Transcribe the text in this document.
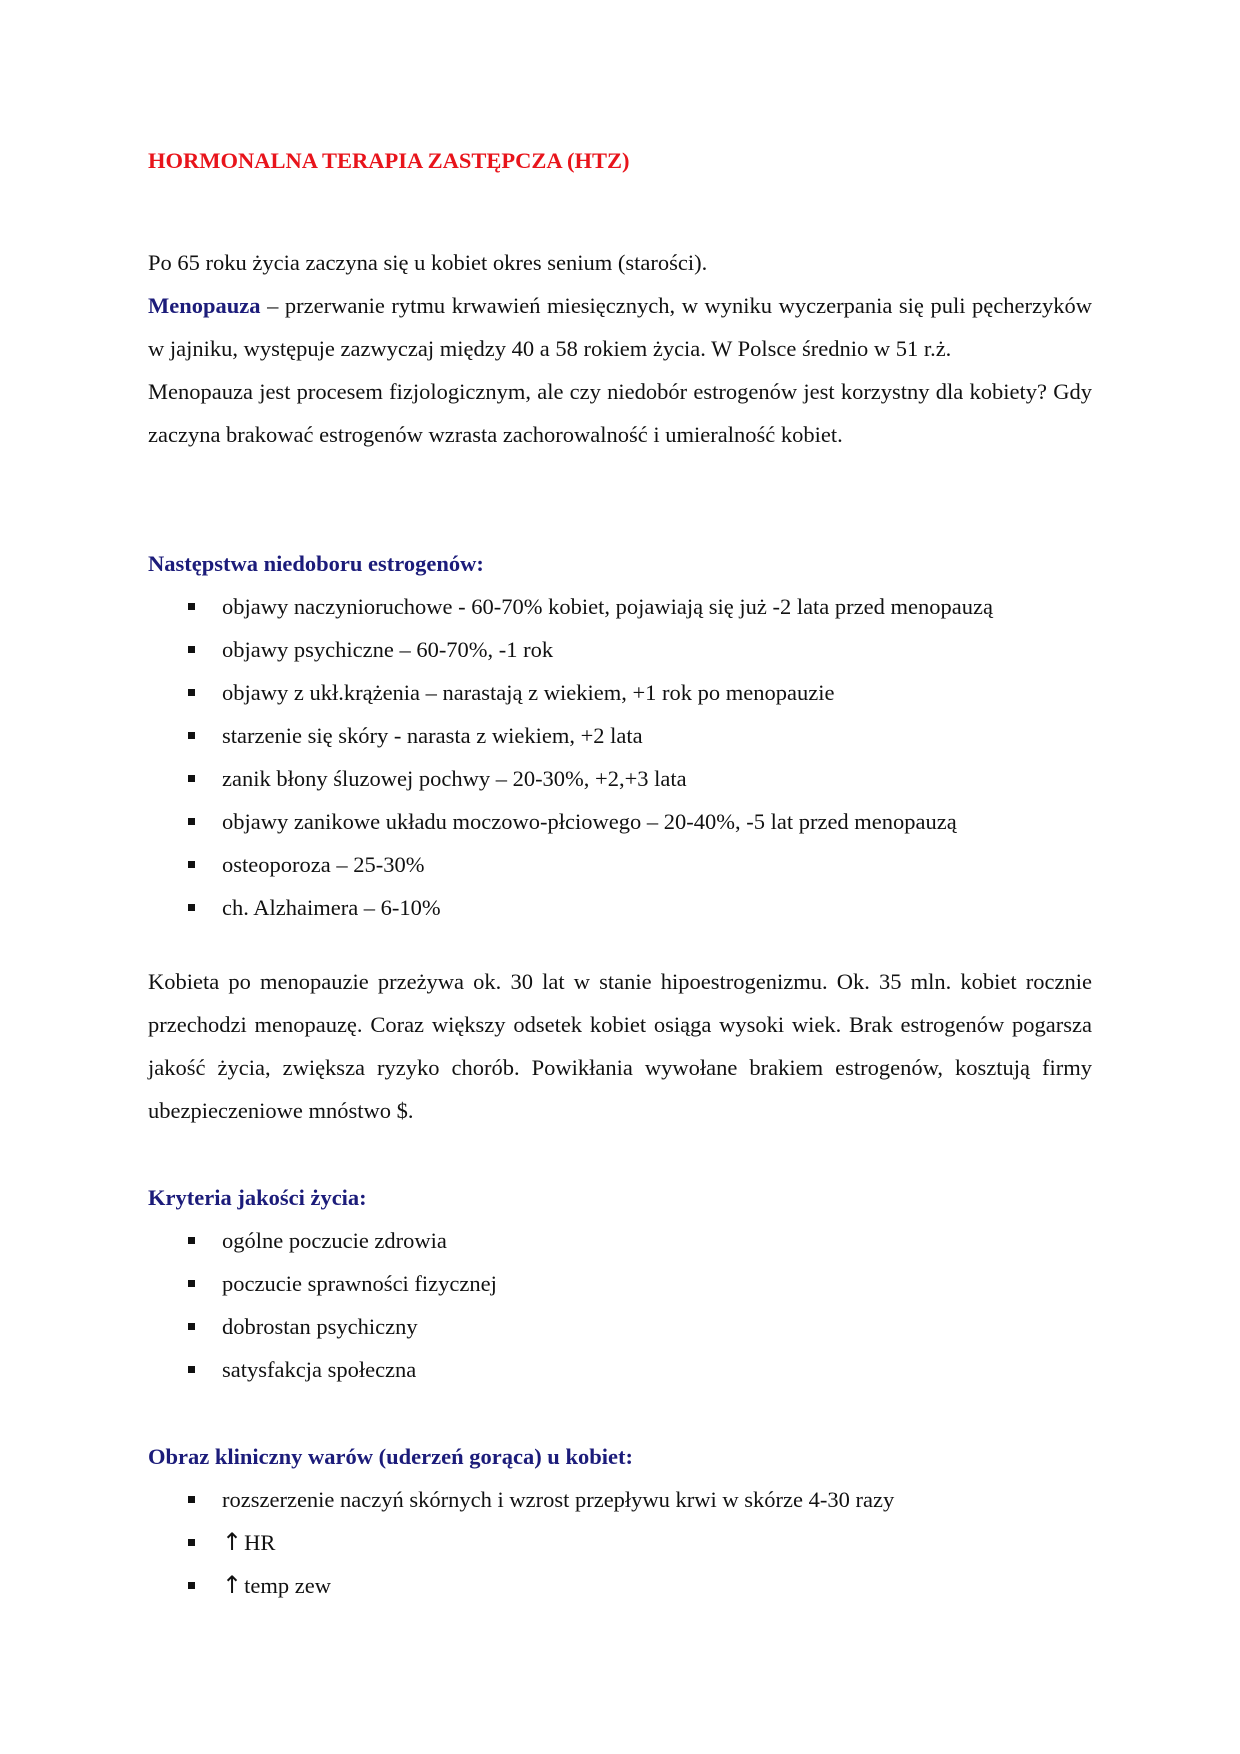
HORMONALNA TERAPIA ZASTĘPCZA (HTZ)

Po 65 roku życia zaczyna się u kobiet okres senium (starości).

Menopauza – przerwanie rytmu krwawień miesięcznych, w wyniku wyczerpania się puli pęcherzyków w jajniku, występuje zazwyczaj między 40 a 58 rokiem życia. W Polsce średnio w 51 r.ż.

Menopauza jest procesem fizjologicznym, ale czy niedobór estrogenów jest korzystny dla kobiety? Gdy zaczyna brakować estrogenów wzrasta zachorowalność i umieralność kobiet.

Następstwa niedoboru estrogenów:
objawy naczynioruchowe - 60-70% kobiet, pojawiają się już -2 lata przed menopauzą
objawy psychiczne – 60-70%, -1 rok
objawy z ukł.krążenia – narastają z wiekiem, +1 rok po menopauzie
starzenie się skóry - narasta z wiekiem, +2 lata
zanik błony śluzowej pochwy – 20-30%, +2,+3 lata
objawy zanikowe układu moczowo-płciowego – 20-40%, -5 lat przed menopauzą
osteoporoza – 25-30%
ch. Alzhaimera – 6-10%

Kobieta po menopauzie przeżywa ok. 30 lat w stanie hipoestrogenizmu. Ok. 35 mln. kobiet rocznie przechodzi menopauzę. Coraz większy odsetek kobiet osiąga wysoki wiek. Brak estrogenów pogarsza jakość życia, zwiększa ryzyko chorób. Powikłania wywołane brakiem estrogenów, kosztują firmy ubezpieczeniowe mnóstwo $.

Kryteria jakości życia:
ogólne poczucie zdrowia
poczucie sprawności fizycznej
dobrostan psychiczny
satysfakcja społeczna
Obraz kliniczny warów (uderzeń gorąca) u kobiet:
rozszerzenie naczyń skórnych i wzrost przepływu krwi w skórze 4-30 razy
↑HR
↑temp zew
